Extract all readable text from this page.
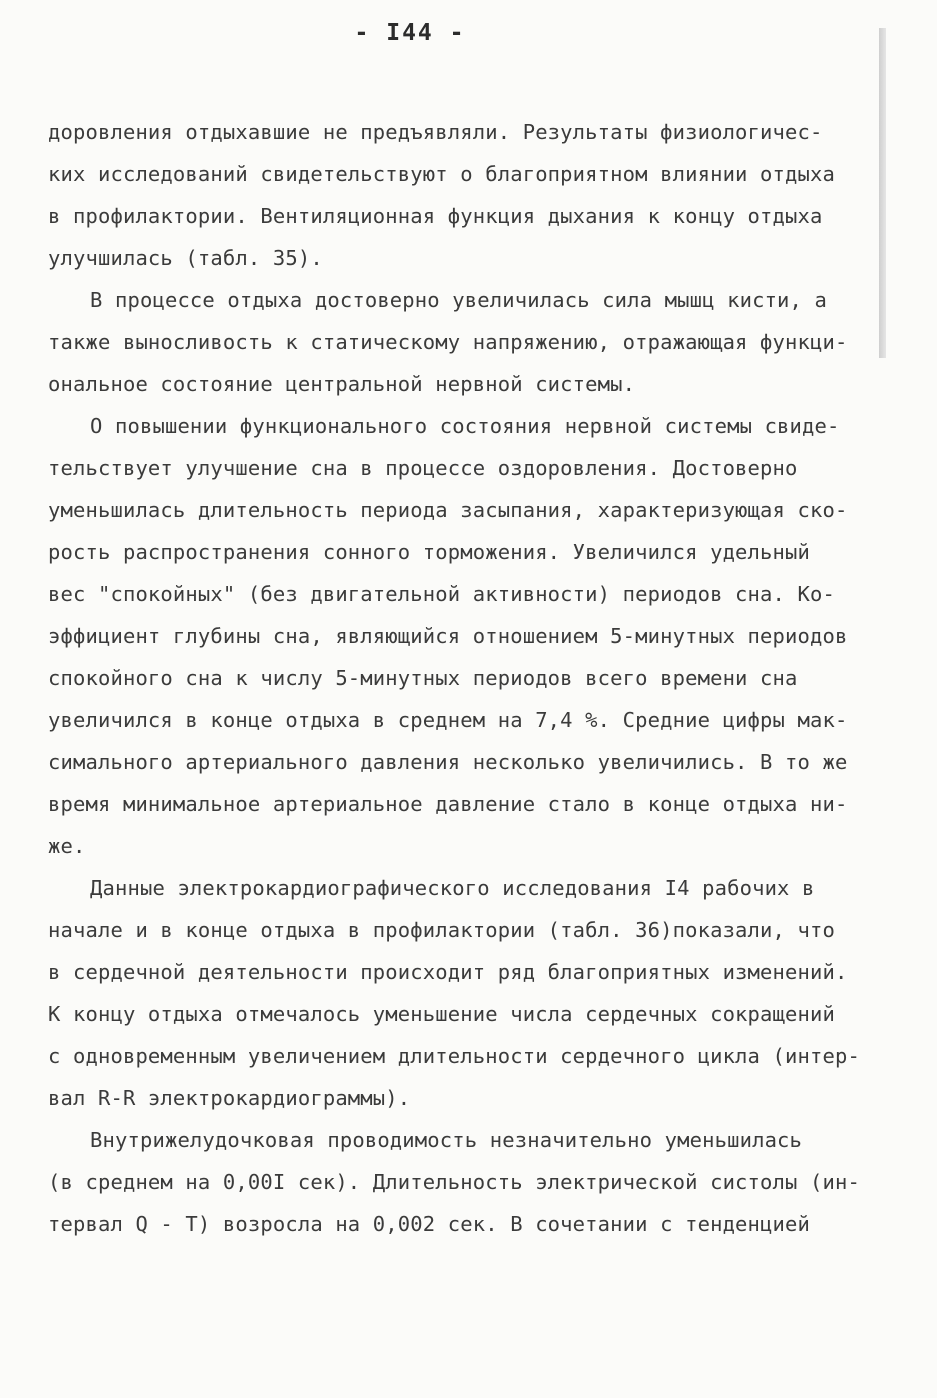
- I44 -
доровления отдыхавшие не предъявляли. Результаты физиологичес-
ких исследований свидетельствуют о благоприятном влиянии отдыха
в профилактории. Вентиляционная функция дыхания к концу отдыха
улучшилась (табл. 35).
В процессе отдыха достоверно увеличилась сила мышц кисти, а
также выносливость к статическому напряжению, отражающая функци-
ональное состояние центральной нервной системы.
О повышении функционального состояния нервной системы свиде-
тельствует улучшение сна в процессе оздоровления. Достоверно
уменьшилась длительность периода засыпания, характеризующая ско-
рость распространения сонного торможения. Увеличился удельный
вес "спокойных" (без двигательной активности) периодов сна. Ко-
эффициент глубины сна, являющийся отношением 5-минутных периодов
спокойного сна к числу 5-минутных периодов всего времени сна
увеличился в конце отдыха в среднем на 7,4 %. Средние цифры мак-
симального артериального давления несколько увеличились. В то же
время минимальное артериальное давление стало в конце отдыха ни-
же.
Данные электрокардиографического исследования I4 рабочих в
начале и в конце отдыха в профилактории (табл. 36)показали, что
в сердечной деятельности происходит ряд благоприятных изменений.
К концу отдыха отмечалось уменьшение числа сердечных сокращений
с одновременным увеличением длительности сердечного цикла (интер-
вал R-R электрокардиограммы).
Внутрижелудочковая проводимость незначительно уменьшилась
(в среднем на 0,00I сек). Длительность электрической систолы (ин-
тервал Q - T) возросла на 0,002 сек. В сочетании с тенденцией
